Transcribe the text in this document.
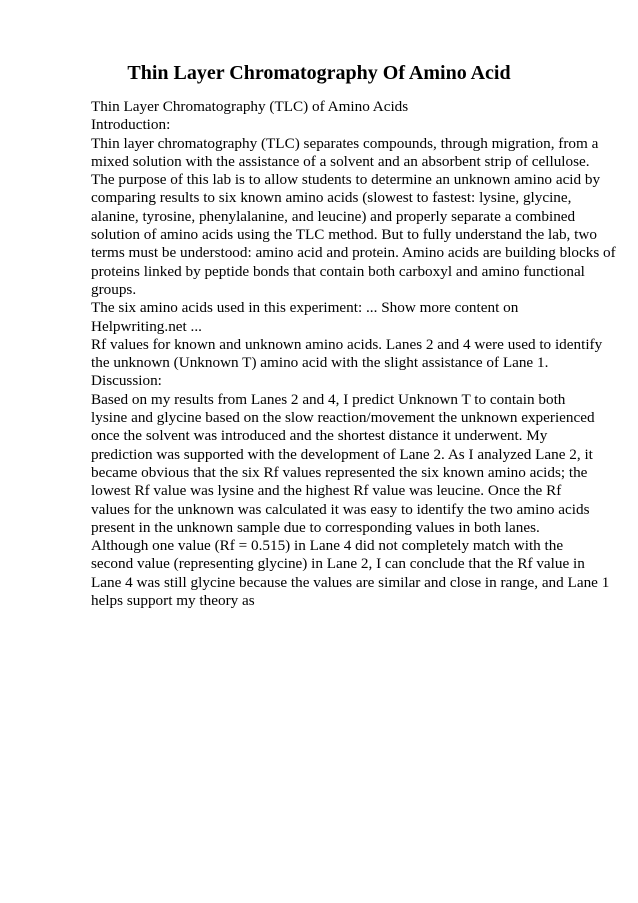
Thin Layer Chromatography Of Amino Acid
Thin Layer Chromatography (TLC) of Amino Acids
Introduction:
Thin layer chromatography (TLC) separates compounds, through migration, from a
mixed solution with the assistance of a solvent and an absorbent strip of cellulose.
The purpose of this lab is to allow students to determine an unknown amino acid by
comparing results to six known amino acids (slowest to fastest: lysine, glycine,
alanine, tyrosine, phenylalanine, and leucine) and properly separate a combined
solution of amino acids using the TLC method. But to fully understand the lab, two
terms must be understood: amino acid and protein. Amino acids are building blocks of
proteins linked by peptide bonds that contain both carboxyl and amino functional
groups.
The six amino acids used in this experiment: ... Show more content on
Helpwriting.net ...
Rf values for known and unknown amino acids. Lanes 2 and 4 were used to identify
the unknown (Unknown T) amino acid with the slight assistance of Lane 1.
Discussion:
Based on my results from Lanes 2 and 4, I predict Unknown T to contain both
lysine and glycine based on the slow reaction/movement the unknown experienced
once the solvent was introduced and the shortest distance it underwent. My
prediction was supported with the development of Lane 2. As I analyzed Lane 2, it
became obvious that the six Rf values represented the six known amino acids; the
lowest Rf value was lysine and the highest Rf value was leucine. Once the Rf
values for the unknown was calculated it was easy to identify the two amino acids
present in the unknown sample due to corresponding values in both lanes.
Although one value (Rf = 0.515) in Lane 4 did not completely match with the
second value (representing glycine) in Lane 2, I can conclude that the Rf value in
Lane 4 was still glycine because the values are similar and close in range, and Lane 1
helps support my theory as
